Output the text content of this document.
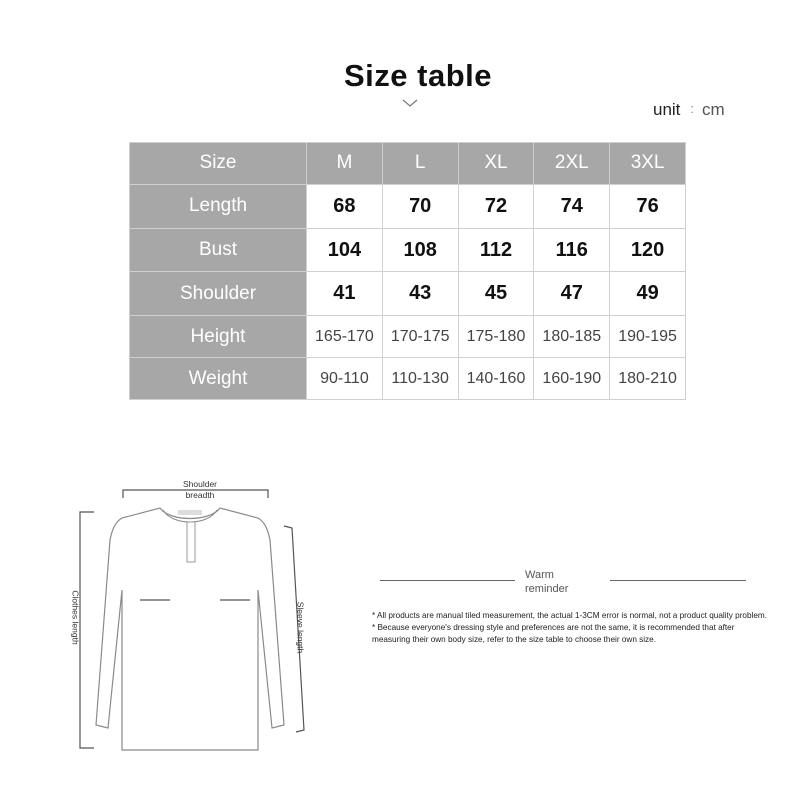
Size table
unit : cm
Size	M	L	XL	2XL	3XL
Length	68	70	72	74	76
Bust	104	108	112	116	120
Shoulder	41	43	45	47	49
Height	165-170	170-175	175-180	180-185	190-195
Weight	90-110	110-130	140-160	160-190	180-210
Shoulder
breadth
Clothes length	Sleeve length
Warm
reminder
* All products are manual tiled measurement, the actual 1-3CM error is normal, not a product quality problem. * Because everyone's dressing style and preferences are not the same, it is recommended that after measuring their own body size, refer to the size table to choose their own size.
